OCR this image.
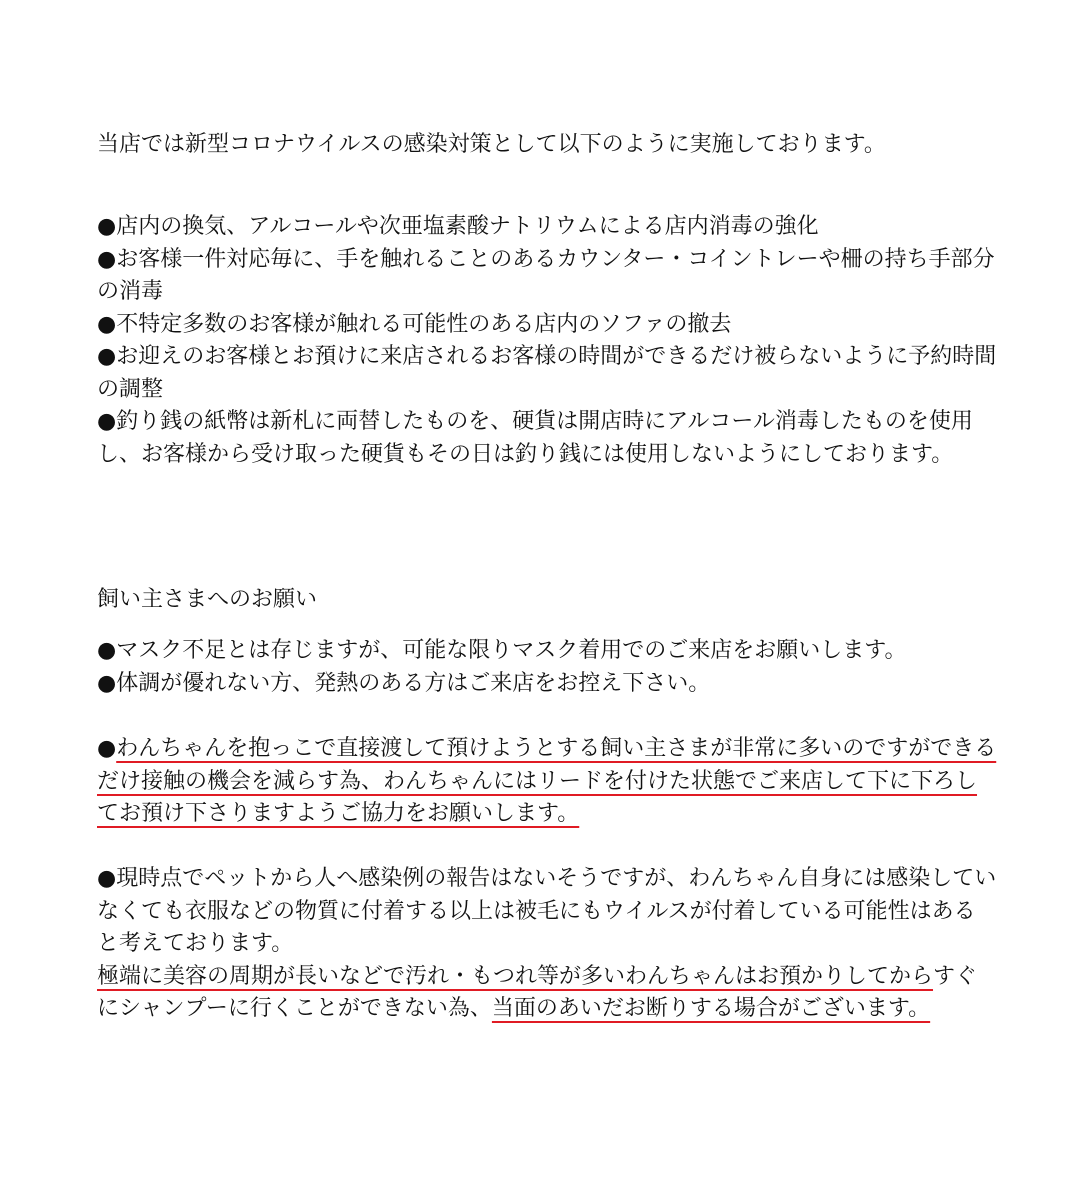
当店では新型コロナウイルスの感染対策として以下のように実施しております。

●店内の換気、アルコールや次亜塩素酸ナトリウムによる店内消毒の強化

●お客様一件対応毎に、手を触れることのあるカウンター・コイントレーや柵の持ち手部分の消毒

●不特定多数のお客様が触れる可能性のある店内のソファの撤去

●お迎えのお客様とお預けに来店されるお客様の時間ができるだけ被らないように予約時間の調整

●釣り銭の紙幣は新札に両替したものを、硬貨は開店時にアルコール消毒したものを使用し、お客様から受け取った硬貨もその日は釣り銭には使用しないようにしております。

飼い主さまへのお願い

●マスク不足とは存じますが、可能な限りマスク着用でのご来店をお願いします。

●体調が優れない方、発熱のある方はご来店をお控え下さい。

●わんちゃんを抱っこで直接渡して預けようとする飼い主さまが非常に多いのですができるだけ接触の機会を減らす為、わんちゃんにはリードを付けた状態でご来店して下に下ろしてお預け下さりますようご協力をお願いします。

●現時点でペットから人へ感染例の報告はないそうですが、わんちゃん自身には感染していなくても衣服などの物質に付着する以上は被毛にもウイルスが付着している可能性はあると考えております。

極端に美容の周期が長いなどで汚れ・もつれ等が多いわんちゃんはお預かりしてからすぐにシャンプーに行くことができない為、当面のあいだお断りする場合がございます。
